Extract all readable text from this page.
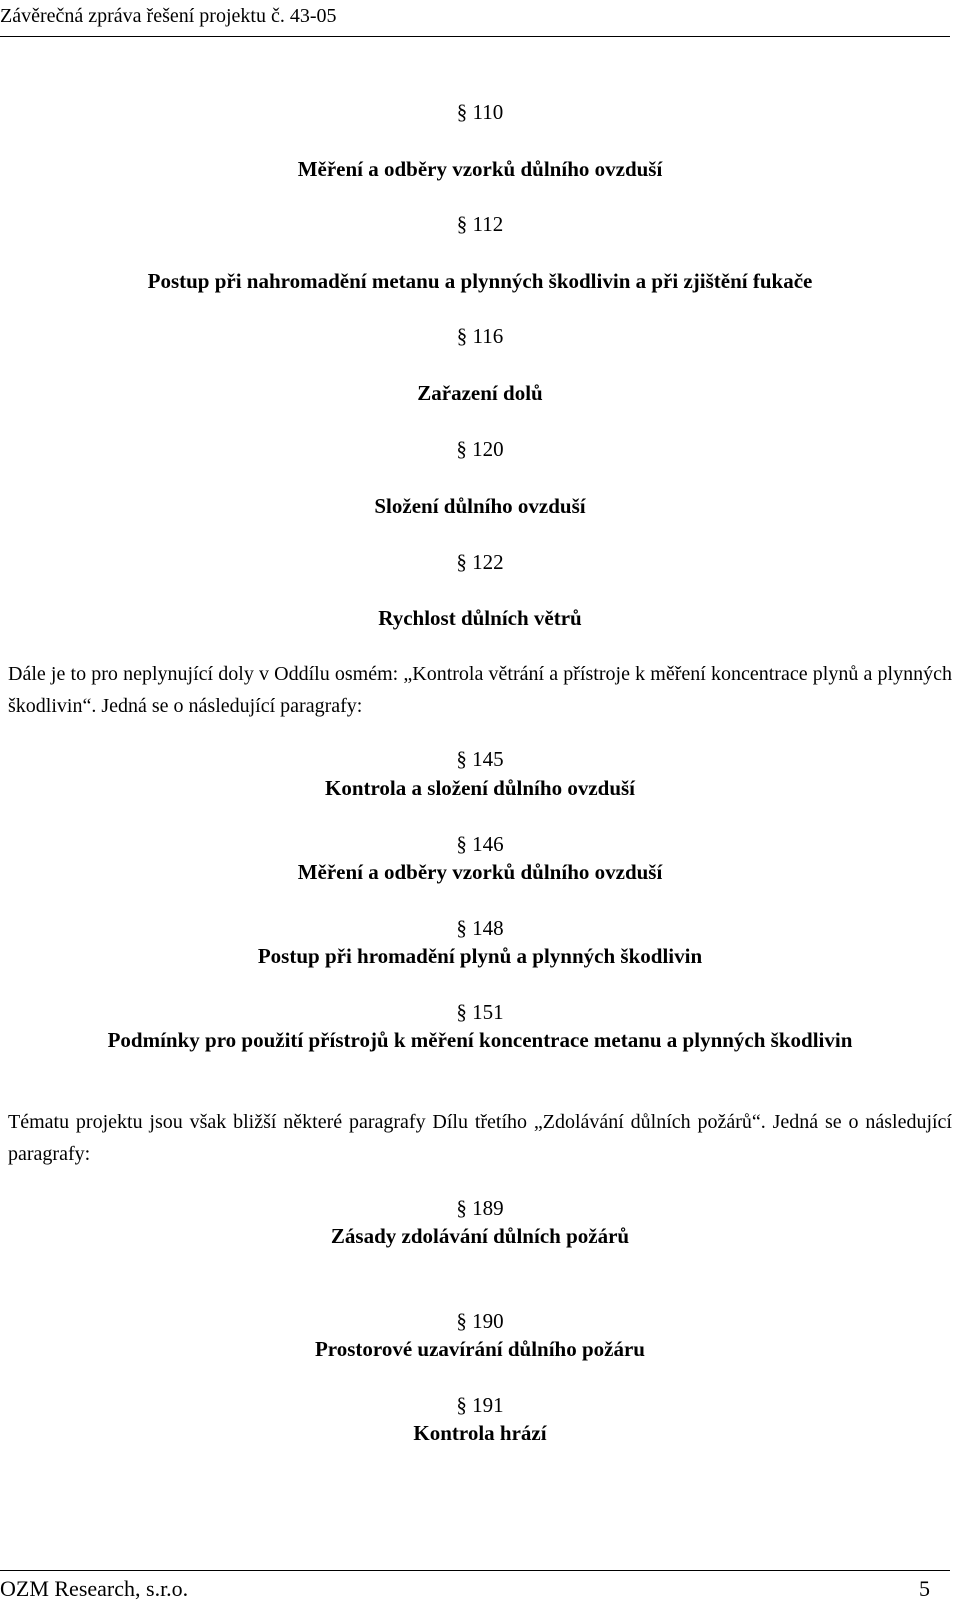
Závěrečná zpráva řešení projektu č. 43-05
§ 110
Měření a odběry vzorků důlního ovzduší
§ 112
Postup při nahromadění metanu a plynných škodlivin a při zjištění fukače
§ 116
Zařazení dolů
§ 120
Složení důlního ovzduší
§ 122
Rychlost důlních větrů

Dále je to pro neplynující doly v Oddílu osmém: „Kontrola větrání a přístroje k měření koncentrace plynů a plynných škodlivin“. Jedná se o následující paragrafy:

§ 145
Kontrola a složení důlního ovzduší
§ 146
Měření a odběry vzorků důlního ovzduší
§ 148
Postup při hromadění plynů a plynných škodlivin
§ 151
Podmínky pro použití přístrojů k měření koncentrace metanu a plynných škodlivin

Tématu projektu jsou však bližší některé paragrafy Dílu třetího „Zdolávání důlních požárů“. Jedná se o následující paragrafy:

§ 189
Zásady zdolávání důlních požárů
§ 190
Prostorové uzavírání důlního požáru
§ 191
Kontrola hrází
OZM Research, s.r.o.	5
